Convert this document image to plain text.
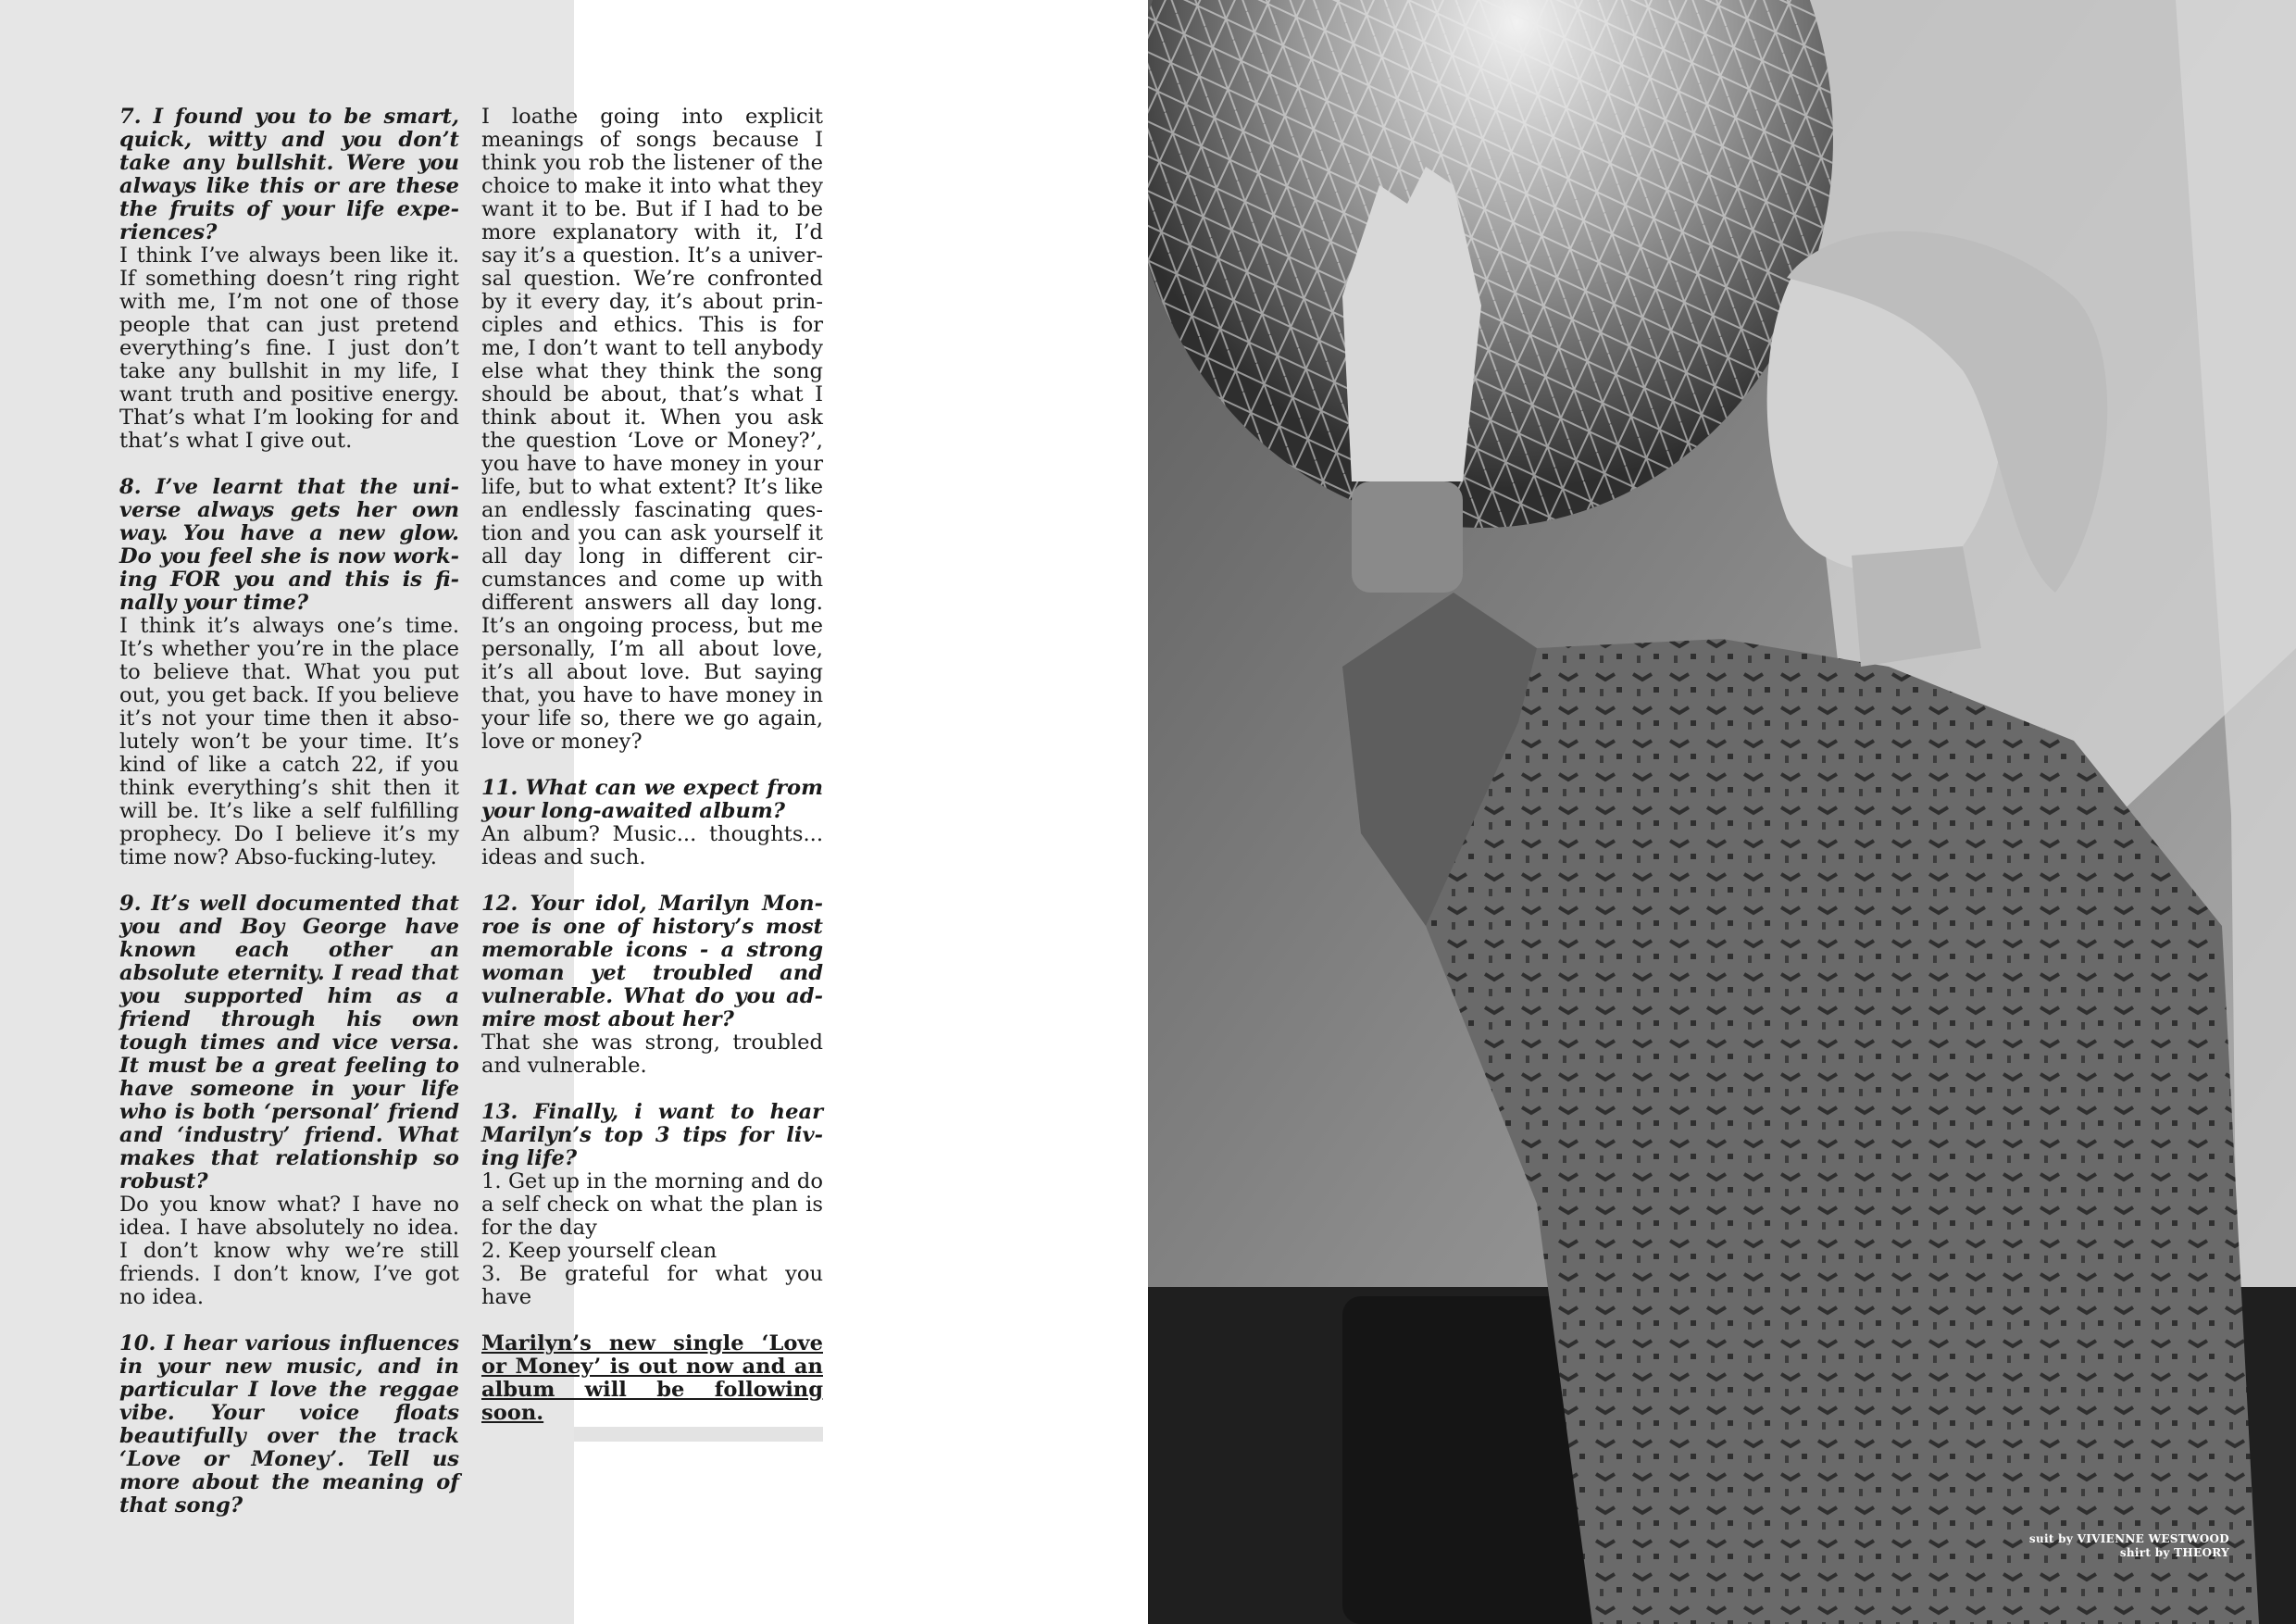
7. I found you to be smart, quick, witty and you don’t take any bullshit. Were you always like this or are these the fruits of your life experiences?

I think I’ve always been like it. If something doesn’t ring right with me, I’m not one of those people that can just pretend everything’s fine. I just don’t take any bullshit in my life, I want truth and positive energy. That’s what I’m looking for and that’s what I give out.

8. I’ve learnt that the universe always gets her own way. You have a new glow. Do you feel she is now working FOR you and this is finally your time?

I think it’s always one’s time. It’s whether you’re in the place to believe that. What you put out, you get back. If you believe it’s not your time then it absolutely won’t be your time. It’s kind of like a catch 22, if you think everything’s shit then it will be. It’s like a self fulfilling prophecy. Do I believe it’s my time now? Abso-fucking-lutey.

9. It’s well documented that you and Boy George have known each other an absolute eternity. I read that you supported him as a friend through his own tough times and vice versa. It must be a great feeling to have someone in your life who is both ‘personal’ friend and ‘industry’ friend. What makes that relationship so robust?

Do you know what? I have no idea. I have absolutely no idea. I don’t know why we’re still friends. I don’t know, I’ve got no idea.

10. I hear various influences in your new music, and in particular I love the reggae vibe. Your voice floats beautifully over the track ‘Love or Money’. Tell us more about the meaning of that song?

I loathe going into explicit meanings of songs because I think you rob the listener of the choice to make it into what they want it to be. But if I had to be more explanatory with it, I’d say it’s a question. It’s a universal question. We’re confronted by it every day, it’s about principles and ethics. This is for me, I don’t want to tell anybody else what they think the song should be about, that’s what I think about it. When you ask the question ‘Love or Money?’, you have to have money in your life, but to what extent? It’s like an endlessly fascinating question and you can ask yourself it all day long in different circumstances and come up with different answers all day long. It’s an ongoing process, but me personally, I’m all about love, it’s all about love. But saying that, you have to have money in your life so, there we go again, love or money?

11. What can we expect from your long-awaited album?

An album? Music... thoughts... ideas and such.

12. Your idol, Marilyn Monroe is one of history’s most memorable icons - a strong woman yet troubled and vulnerable. What do you admire most about her?

That she was strong, troubled and vulnerable.

13. Finally, i want to hear Marilyn’s top 3 tips for living life?

1. Get up in the morning and do a self check on what the plan is for the day
2. Keep yourself clean
3. Be grateful for what you have

Marilyn’s new single ‘Love or Money’ is out now and an album will be following soon.

suit by VIVIENNE WESTWOOD
shirt by THEORY
